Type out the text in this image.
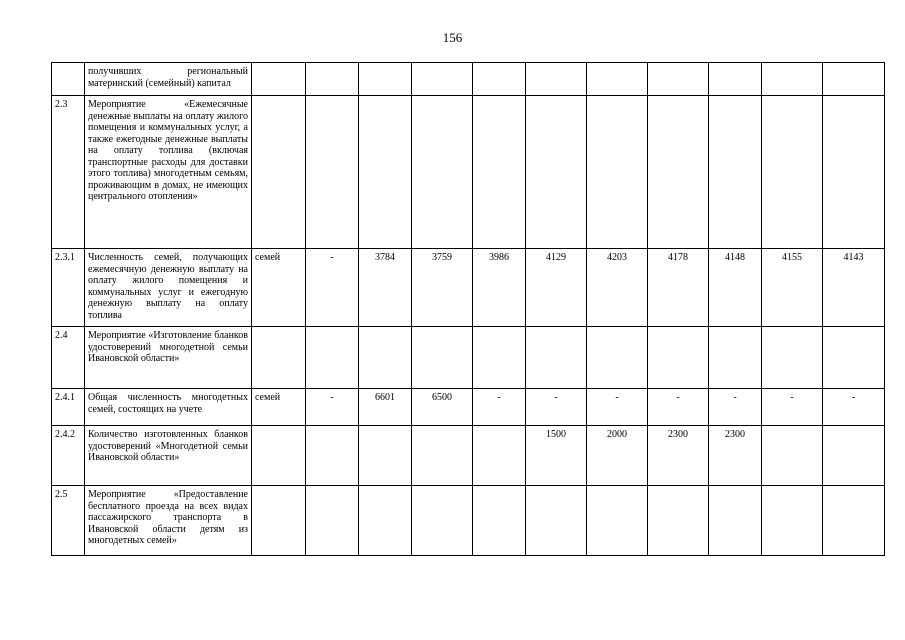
156
	получивших региональный материнский (семейный) капитал											
2.3	Мероприятие «Ежемесячные денежные выплаты на оплату жилого помещения и коммунальных услуг, а также ежегодные денежные выплаты на оплату топлива (включая транспортные расходы для доставки этого топлива) многодетным семьям, проживающим в домах, не имеющих центрального отопления»											
2.3.1	Численность семей, получающих ежемесячную денежную выплату на оплату жилого помещения и коммунальных услуг и ежегодную денежную выплату на оплату топлива	семей	-	3784	3759	3986	4129	4203	4178	4148	4155	4143
2.4	Мероприятие «Изготовление бланков удостоверений многодетной семьи Ивановской области»											
2.4.1	Общая численность многодетных семей, состоящих на учете	семей	-	6601	6500	-	-	-	-	-	-	-
2.4.2	Количество изготовленных бланков удостоверений «Многодетной семьи Ивановской области»						1500	2000	2300	2300		
2.5	Мероприятие «Предоставление бесплатного проезда на всех видах пассажирского транспорта в Ивановской области детям из многодетных семей»											
